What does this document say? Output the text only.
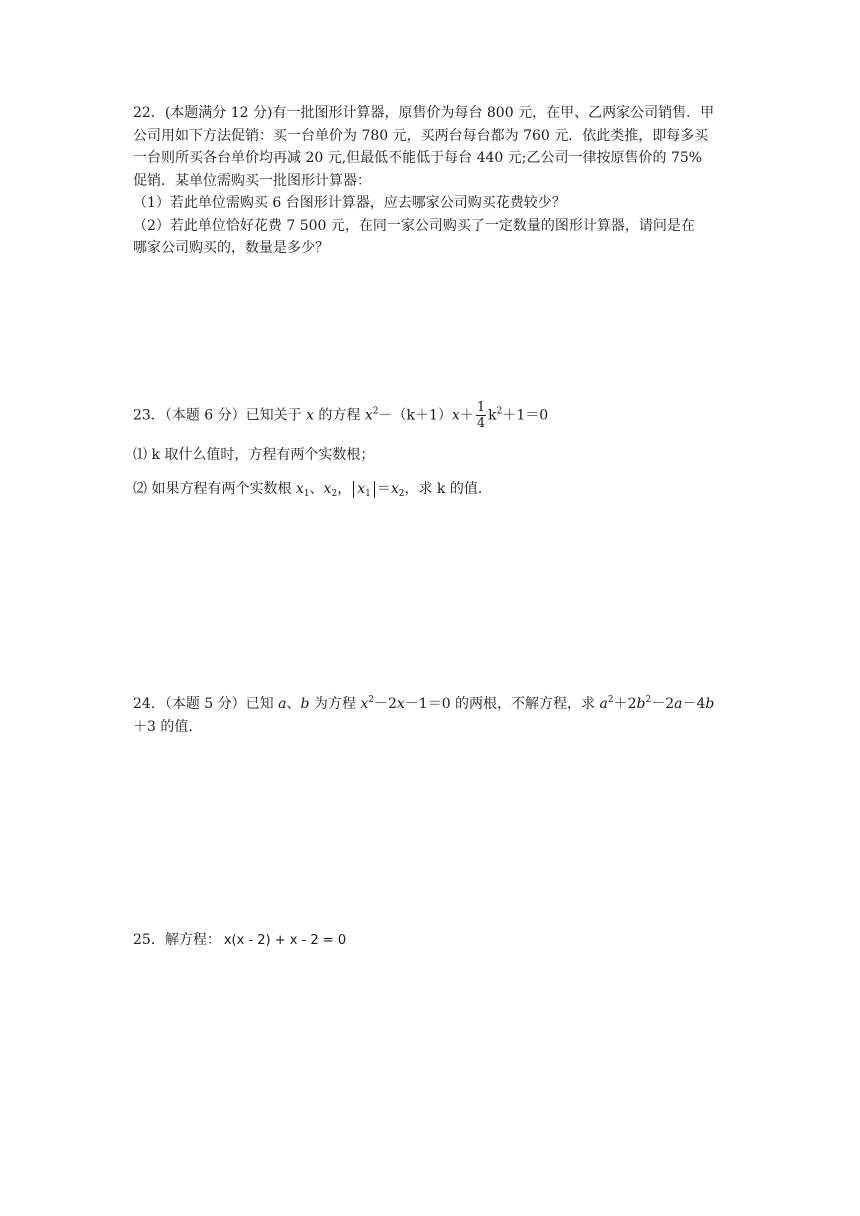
22．(本题满分 12 分)有一批图形计算器，原售价为每台 800 元，在甲、乙两家公司销售．甲
公司用如下方法促销：买一台单价为 780 元，买两台每台都为 760 元．依此类推，即每多买
一台则所买各台单价均再减 20 元,但最低不能低于每台 440 元;乙公司一律按原售价的 75%
促销．某单位需购买一批图形计算器：
（1）若此单位需购买 6 台图形计算器，应去哪家公司购买花费较少？
（2）若此单位恰好花费 7 500 元，在同一家公司购买了一定数量的图形计算器，请问是在
哪家公司购买的，数量是多少？
23．（本题 6 分）已知关于 x 的方程 $x^2-(k+1)x+ \frac{1}{4} k^2+1=0$
⑴ k 取什么值时，方程有两个实数根；
⑵ 如果方程有两个实数根 $x_1$、$x_2$， $x_1 =x_2$，求 k 的值．
24．（本题 5 分）已知 a、b 为方程 $x^2-2x-1=0$ 的两根，不解方程，求 $a^2+2b^2-2a-4b$
＋3 的值．
25．解方程： x(x - 2) + x - 2 = 0
